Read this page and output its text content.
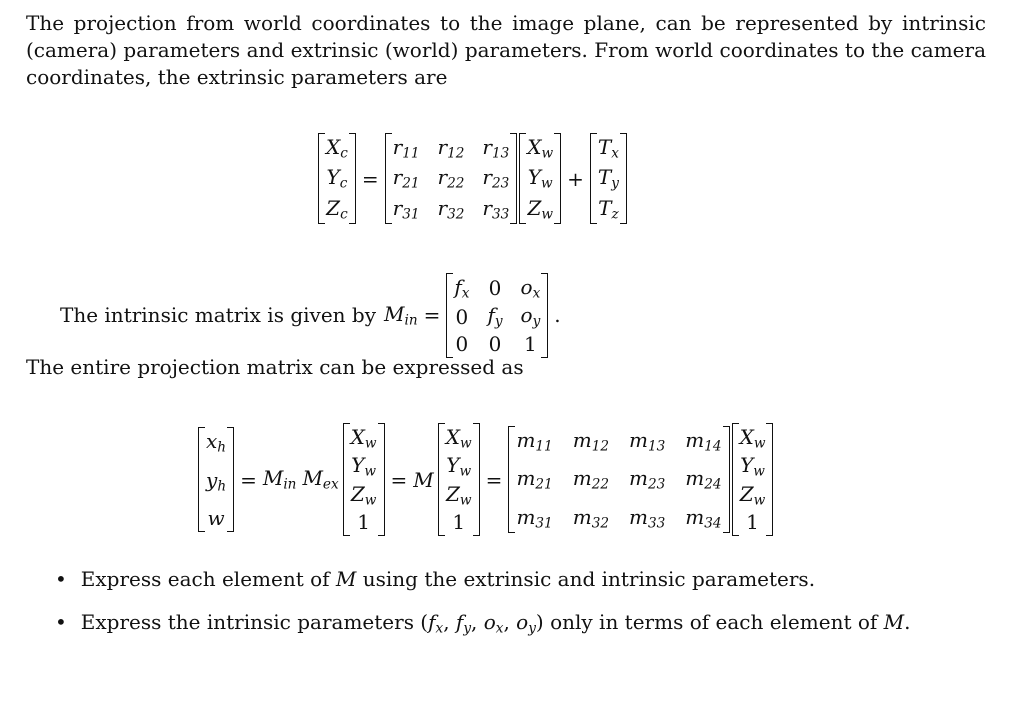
The projection from world coordinates to the image plane, can be represented by intrinsic (camera) parameters and extrinsic (world) parameters. From world coordinates to the camera coordinates, the extrinsic parameters are
$X_c$
$Y_c$
$Z_c$
=
$r_{11}$ $r_{12}$ $r_{13}$
$r_{21}$ $r_{22}$ $r_{23}$
$r_{31}$ $r_{32}$ $r_{33}$
$X_w$
$Y_w$
$Z_w$
+
$T_x$
$T_y$
$T_z$
The intrinsic matrix is given by $M_{in}$ =
$f_x$ 0 $o_x$
0 $f_y$ $o_y$
0 0 1
.
The entire projection matrix can be expressed as
$x_h$
$y_h$
w
= $M_{in}$ $M_{ex}$
$X_w$
$Y_w$
$Z_w$
1
= M
$X_w$
$Y_w$
$Z_w$
1
=
$m_{11}$ $m_{12}$ $m_{13}$ $m_{14}$
$m_{21}$ $m_{22}$ $m_{23}$ $m_{24}$
$m_{31}$ $m_{32}$ $m_{33}$ $m_{34}$
$X_w$
$Y_w$
$Z_w$
1
• Express each element of M using the extrinsic and intrinsic parameters.
• Express the intrinsic parameters ($f_x$, $f_y$, $o_x$, $o_y$) only in terms of each element of M.
